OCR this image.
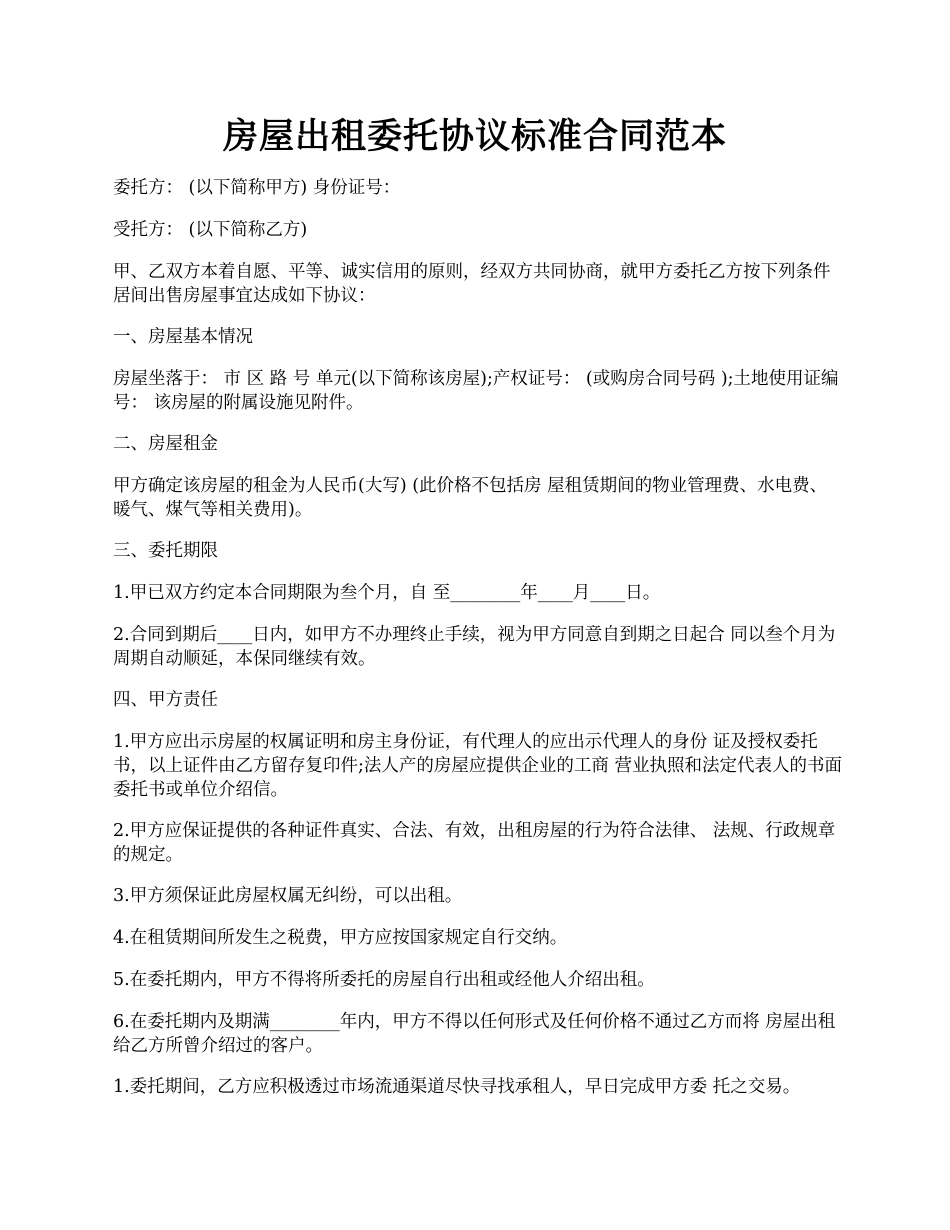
房屋出租委托协议标准合同范本

委托方： (以下简称甲方) 身份证号：

受托方： (以下简称乙方)

甲、乙双方本着自愿、平等、诚实信用的原则，经双方共同协商，就甲方委托乙方按下列条件居间出售房屋事宜达成如下协议：

一、房屋基本情况

房屋坐落于： 市 区 路 号 单元(以下简称该房屋);产权证号： (或购房合同号码 );土地使用证编号： 该房屋的附属设施见附件。

二、房屋租金

甲方确定该房屋的租金为人民币(大写) (此价格不包括房 屋租赁期间的物业管理费、水电费、暖气、煤气等相关费用)。

三、委托期限

1.甲已双方约定本合同期限为叁个月，自 至________年____月____日。

2.合同到期后____日内，如甲方不办理终止手续，视为甲方同意自到期之日起合 同以叁个月为周期自动顺延，本保同继续有效。

四、甲方责任

1.甲方应出示房屋的权属证明和房主身份证，有代理人的应出示代理人的身份 证及授权委托书，以上证件由乙方留存复印件;法人产的房屋应提供企业的工商 营业执照和法定代表人的书面委托书或单位介绍信。

2.甲方应保证提供的各种证件真实、合法、有效，出租房屋的行为符合法律、 法规、行政规章的规定。

3.甲方须保证此房屋权属无纠纷，可以出租。

4.在租赁期间所发生之税费，甲方应按国家规定自行交纳。

5.在委托期内，甲方不得将所委托的房屋自行出租或经他人介绍出租。

6.在委托期内及期满________年内，甲方不得以任何形式及任何价格不通过乙方而将 房屋出租给乙方所曾介绍过的客户。

1.委托期间，乙方应积极透过市场流通渠道尽快寻找承租人，早日完成甲方委 托之交易。
